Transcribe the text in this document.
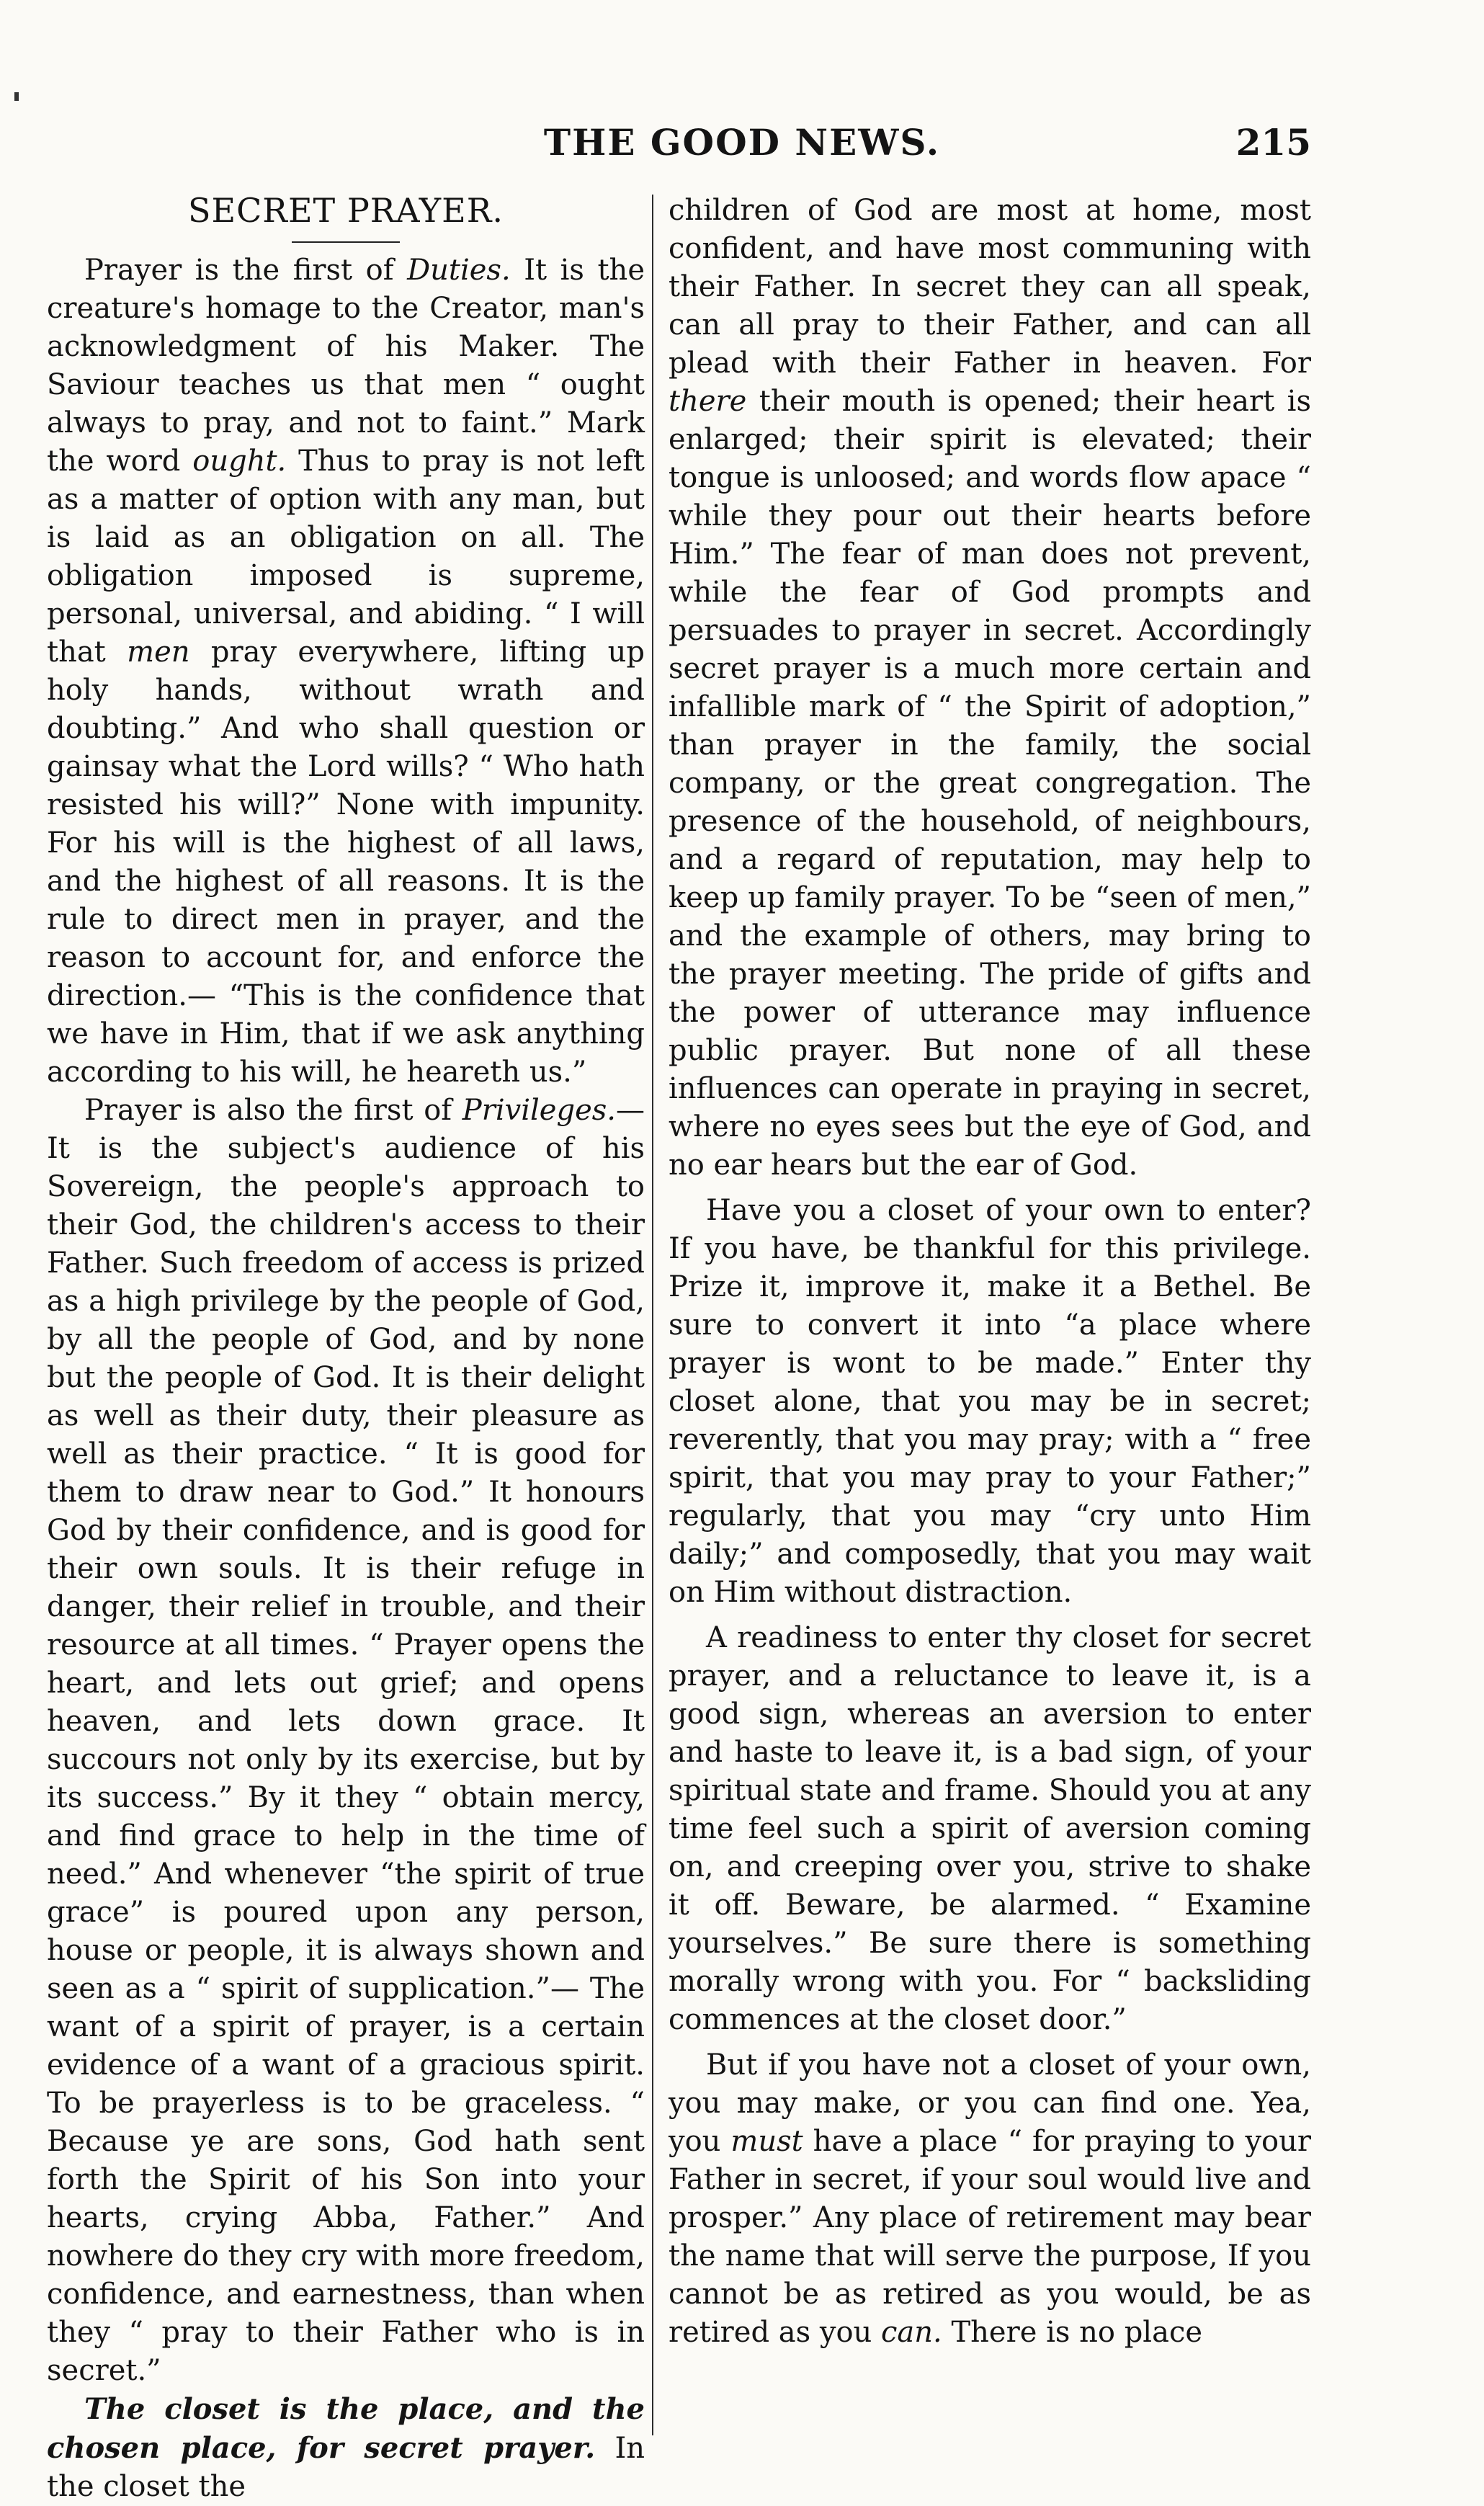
THE GOOD NEWS.	215
SECRET PRAYER.

Prayer is the first of Duties. It is the creature's homage to the Creator, man's acknowledgment of his Maker. The Saviour teaches us that men “ ought always to pray, and not to faint.” Mark the word ought. Thus to pray is not left as a matter of option with any man, but is laid as an obligation on all. The obligation imposed is supreme, personal, universal, and abiding. “ I will that men pray everywhere, lifting up holy hands, without wrath and doubting.” And who shall question or gainsay what the Lord wills? “ Who hath resisted his will?” None with impunity. For his will is the highest of all laws, and the highest of all reasons. It is the rule to direct men in prayer, and the reason to account for, and enforce the direction.— “This is the confidence that we have in Him, that if we ask anything according to his will, he heareth us.”

Prayer is also the first of Privileges.— It is the subject's audience of his Sovereign, the people's approach to their God, the children's access to their Father. Such freedom of access is prized as a high privilege by the people of God, by all the people of God, and by none but the people of God. It is their delight as well as their duty, their pleasure as well as their practice. “ It is good for them to draw near to God.” It honours God by their confidence, and is good for their own souls. It is their refuge in danger, their relief in trouble, and their resource at all times. “ Prayer opens the heart, and lets out grief; and opens heaven, and lets down grace. It succours not only by its exercise, but by its success.” By it they “ obtain mercy, and find grace to help in the time of need.” And whenever “the spirit of true grace” is poured upon any person, house or people, it is always shown and seen as a “ spirit of supplication.”— The want of a spirit of prayer, is a certain evidence of a want of a gracious spirit. To be prayerless is to be graceless. “ Because ye are sons, God hath sent forth the Spirit of his Son into your hearts, crying Abba, Father.” And nowhere do they cry with more freedom, confidence, and earnestness, than when they “ pray to their Father who is in secret.”

The closet is the place, and the chosen place, for secret prayer. In the closet the

children of God are most at home, most confident, and have most communing with their Father. In secret they can all speak, can all pray to their Father, and can all plead with their Father in heaven. For there their mouth is opened; their heart is enlarged; their spirit is elevated; their tongue is unloosed; and words flow apace “ while they pour out their hearts before Him.” The fear of man does not prevent, while the fear of God prompts and persuades to prayer in secret. Accordingly secret prayer is a much more certain and infallible mark of “ the Spirit of adoption,” than prayer in the family, the social company, or the great congregation. The presence of the household, of neighbours, and a regard of reputation, may help to keep up family prayer. To be “seen of men,” and the example of others, may bring to the prayer meeting. The pride of gifts and the power of utterance may influence public prayer. But none of all these influences can operate in praying in secret, where no eyes sees but the eye of God, and no ear hears but the ear of God.

Have you a closet of your own to enter? If you have, be thankful for this privilege. Prize it, improve it, make it a Bethel. Be sure to convert it into “a place where prayer is wont to be made.” Enter thy closet alone, that you may be in secret; reverently, that you may pray; with a “ free spirit, that you may pray to your Father;” regularly, that you may “cry unto Him daily;” and composedly, that you may wait on Him without distraction.

A readiness to enter thy closet for secret prayer, and a reluctance to leave it, is a good sign, whereas an aversion to enter and haste to leave it, is a bad sign, of your spiritual state and frame. Should you at any time feel such a spirit of aversion coming on, and creeping over you, strive to shake it off. Beware, be alarmed. “ Examine yourselves.” Be sure there is something morally wrong with you. For “ backsliding commences at the closet door.”

But if you have not a closet of your own, you may make, or you can find one. Yea, you must have a place “ for praying to your Father in secret, if your soul would live and prosper.” Any place of retirement may bear the name that will serve the purpose, If you cannot be as retired as you would, be as retired as you can. There is no place
